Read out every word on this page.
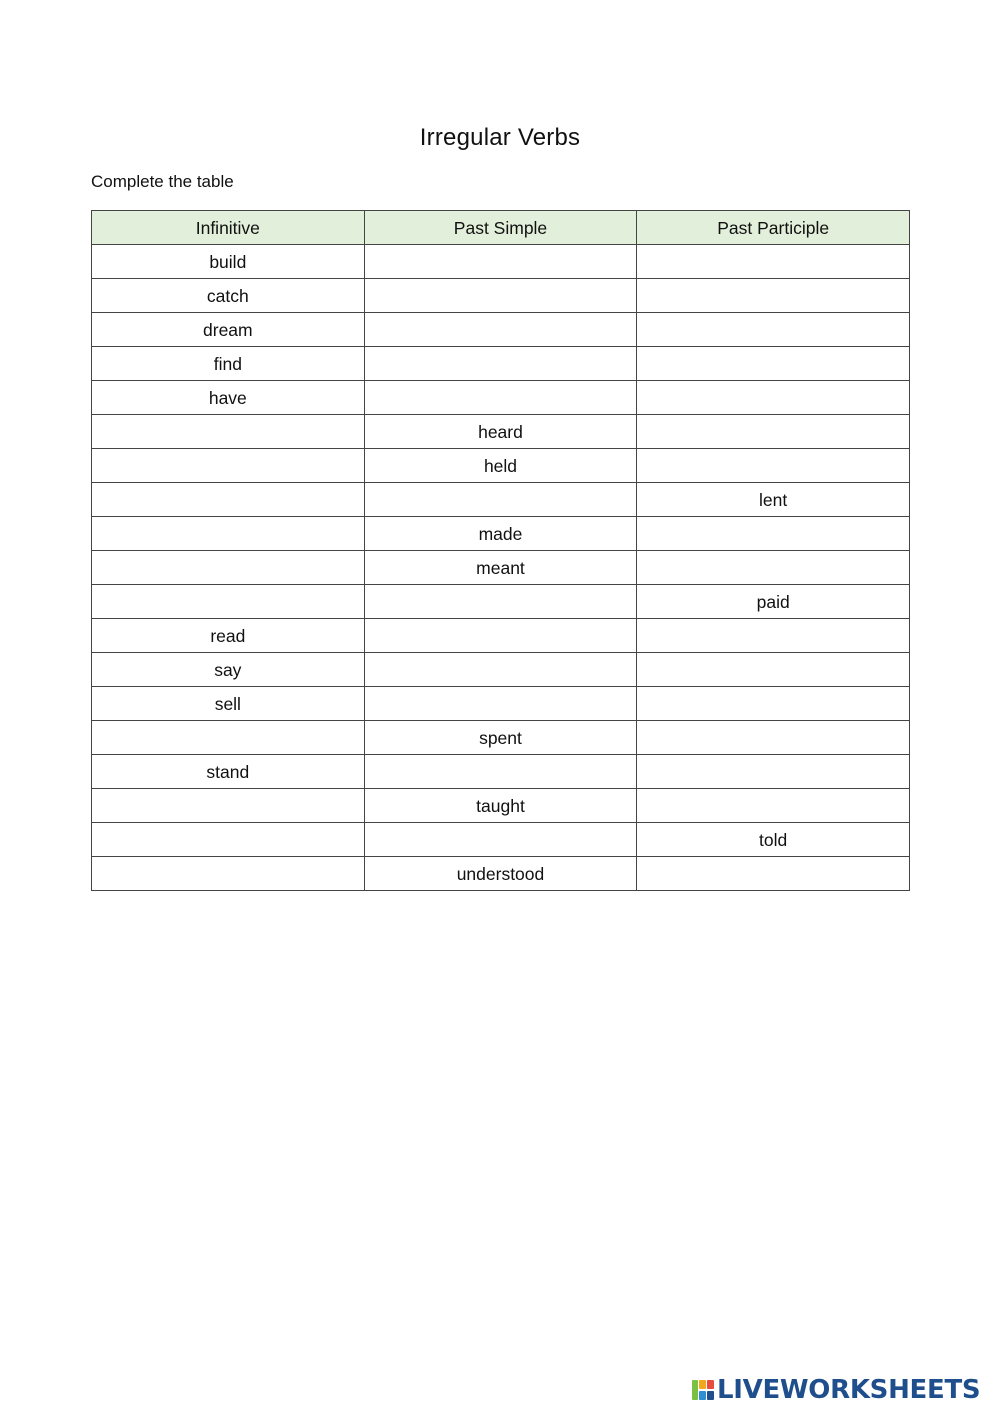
Irregular Verbs
Complete the table
Infinitive	Past Simple	Past Participle
build		
catch		
dream		
find		
have		
	heard	
	held	
		lent
	made	
	meant	
		paid
read		
say		
sell		
	spent	
stand		
	taught	
		told
	understood	
LIVEWORKSHEETS
